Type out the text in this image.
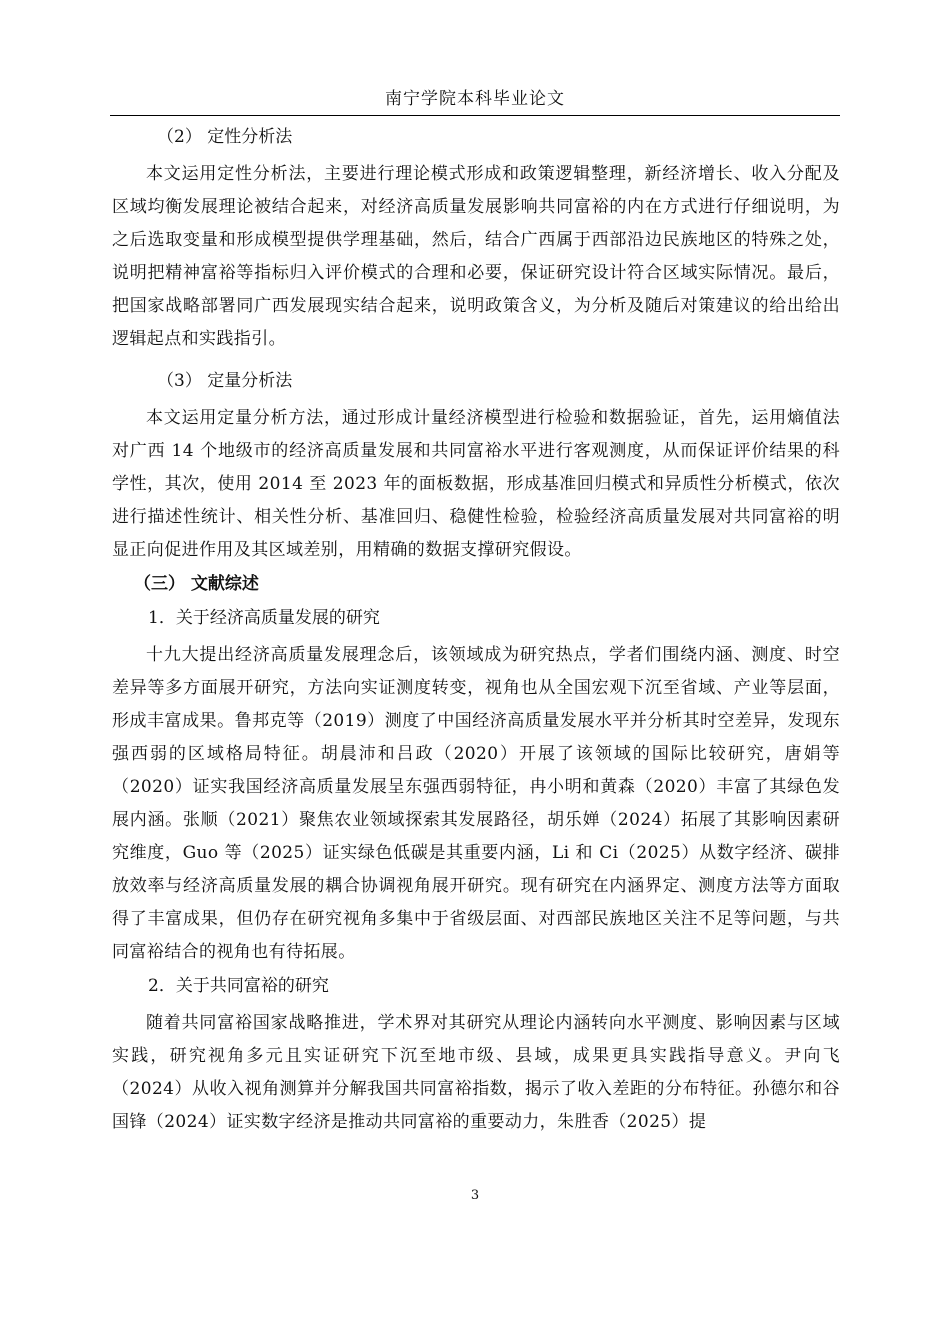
南宁学院本科毕业论文
（2） 定性分析法

本文运用定性分析法，主要进行理论模式形成和政策逻辑整理，新经济增长、收入分配及区域均衡发展理论被结合起来，对经济高质量发展影响共同富裕的内在方式进行仔细说明，为之后选取变量和形成模型提供学理基础，然后，结合广西属于西部沿边民族地区的特殊之处，说明把精神富裕等指标归入评价模式的合理和必要，保证研究设计符合区域实际情况。最后，把国家战略部署同广西发展现实结合起来，说明政策含义，为分析及随后对策建议的给出给出逻辑起点和实践指引。

（3） 定量分析法

本文运用定量分析方法，通过形成计量经济模型进行检验和数据验证，首先，运用熵值法对广西 14 个地级市的经济高质量发展和共同富裕水平进行客观测度，从而保证评价结果的科学性，其次，使用 2014 至 2023 年的面板数据，形成基准回归模式和异质性分析模式，依次进行描述性统计、相关性分析、基准回归、稳健性检验，检验经济高质量发展对共同富裕的明显正向促进作用及其区域差别，用精确的数据支撑研究假设。

（三） 文献综述
1．关于经济高质量发展的研究

十九大提出经济高质量发展理念后，该领域成为研究热点，学者们围绕内涵、测度、时空差异等多方面展开研究，方法向实证测度转变，视角也从全国宏观下沉至省域、产业等层面，形成丰富成果。鲁邦克等（2019）测度了中国经济高质量发展水平并分析其时空差异，发现东强西弱的区域格局特征。胡晨沛和吕政（2020）开展了该领域的国际比较研究，唐娟等（2020）证实我国经济高质量发展呈东强西弱特征，冉小明和黄森（2020）丰富了其绿色发展内涵。张顺（2021）聚焦农业领域探索其发展路径，胡乐婵（2024）拓展了其影响因素研究维度，Guo 等（2025）证实绿色低碳是其重要内涵，Li 和 Ci（2025）从数字经济、碳排放效率与经济高质量发展的耦合协调视角展开研究。现有研究在内涵界定、测度方法等方面取得了丰富成果，但仍存在研究视角多集中于省级层面、对西部民族地区关注不足等问题，与共同富裕结合的视角也有待拓展。

2．关于共同富裕的研究

随着共同富裕国家战略推进，学术界对其研究从理论内涵转向水平测度、影响因素与区域实践，研究视角多元且实证研究下沉至地市级、县域，成果更具实践指导意义。尹向飞（2024）从收入视角测算并分解我国共同富裕指数，揭示了收入差距的分布特征。孙德尔和谷国锋（2024）证实数字经济是推动共同富裕的重要动力，朱胜香（2025）提

3
